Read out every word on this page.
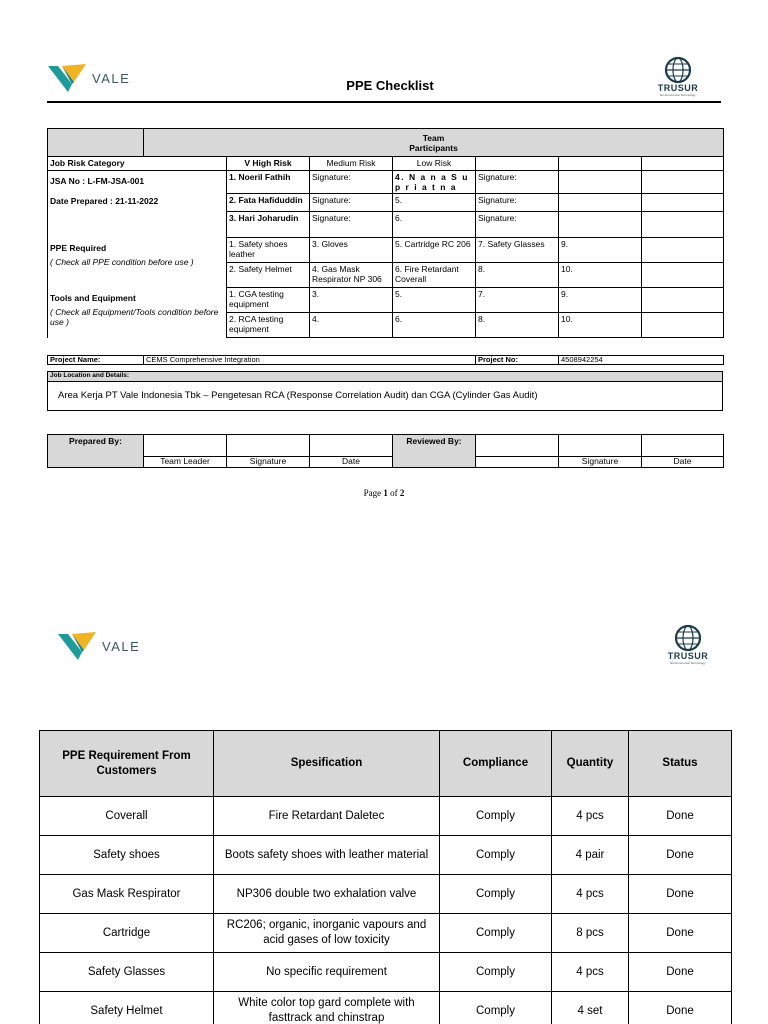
VALE	PPE Checklist	TRUSUR
Environmental Technology

	Team
Participants						

Job Risk Category		V High Risk	Medium Risk	Low Risk			

JSA No : L-FM-JSA-001
Date Prepared : 21-11-2022		1. Noeril Fathih	Signature:	4. N a n a S u p r i a t n a	Signature:		
		2. Fata Hafiduddin	Signature:	5.	Signature:		
		3. Hari Joharudin	Signature:	6.	Signature:		

PPE Required
( Check all PPE condition before use )		1. Safety shoes leather	3. Gloves	5. Cartridge RC 206	7. Safety Glasses	9.	
		2. Safety Helmet	4. Gas Mask Respirator NP 306	6. Fire Retardant Coverall	8.	10.	

Tools and Equipment
( Check all Equipment/Tools condition before use )		1. CGA testing equipment	3.	5.	7.	9.	
		2. RCA testing equipment	4.	6.	8.	10.	
Project Name:	CEMS Comprehensive Integration	Project No:	4508942254
Job Location and Details:
Area Kerja PT Vale Indonesia Tbk – Pengetesan RCA (Response Correlation Audit) dan CGA (Cylinder Gas Audit)
Prepared By:				Reviewed By:			
	Team Leader	Signature	Date			Signature	Date
Page 1 of 2
VALE
TRUSUR
Environmental Technology
PPE Requirement From Customers	Spesification	Compliance	Quantity	Status
Coverall	Fire Retardant Daletec	Comply	4 pcs	Done
Safety shoes	Boots safety shoes with leather material	Comply	4 pair	Done
Gas Mask Respirator	NP306 double two exhalation valve	Comply	4 pcs	Done
Cartridge	RC206; organic, inorganic vapours and acid gases of low toxicity	Comply	8 pcs	Done
Safety Glasses	No specific requirement	Comply	4 pcs	Done
Safety Helmet	White color top gard complete with fasttrack and chinstrap	Comply	4 set	Done
